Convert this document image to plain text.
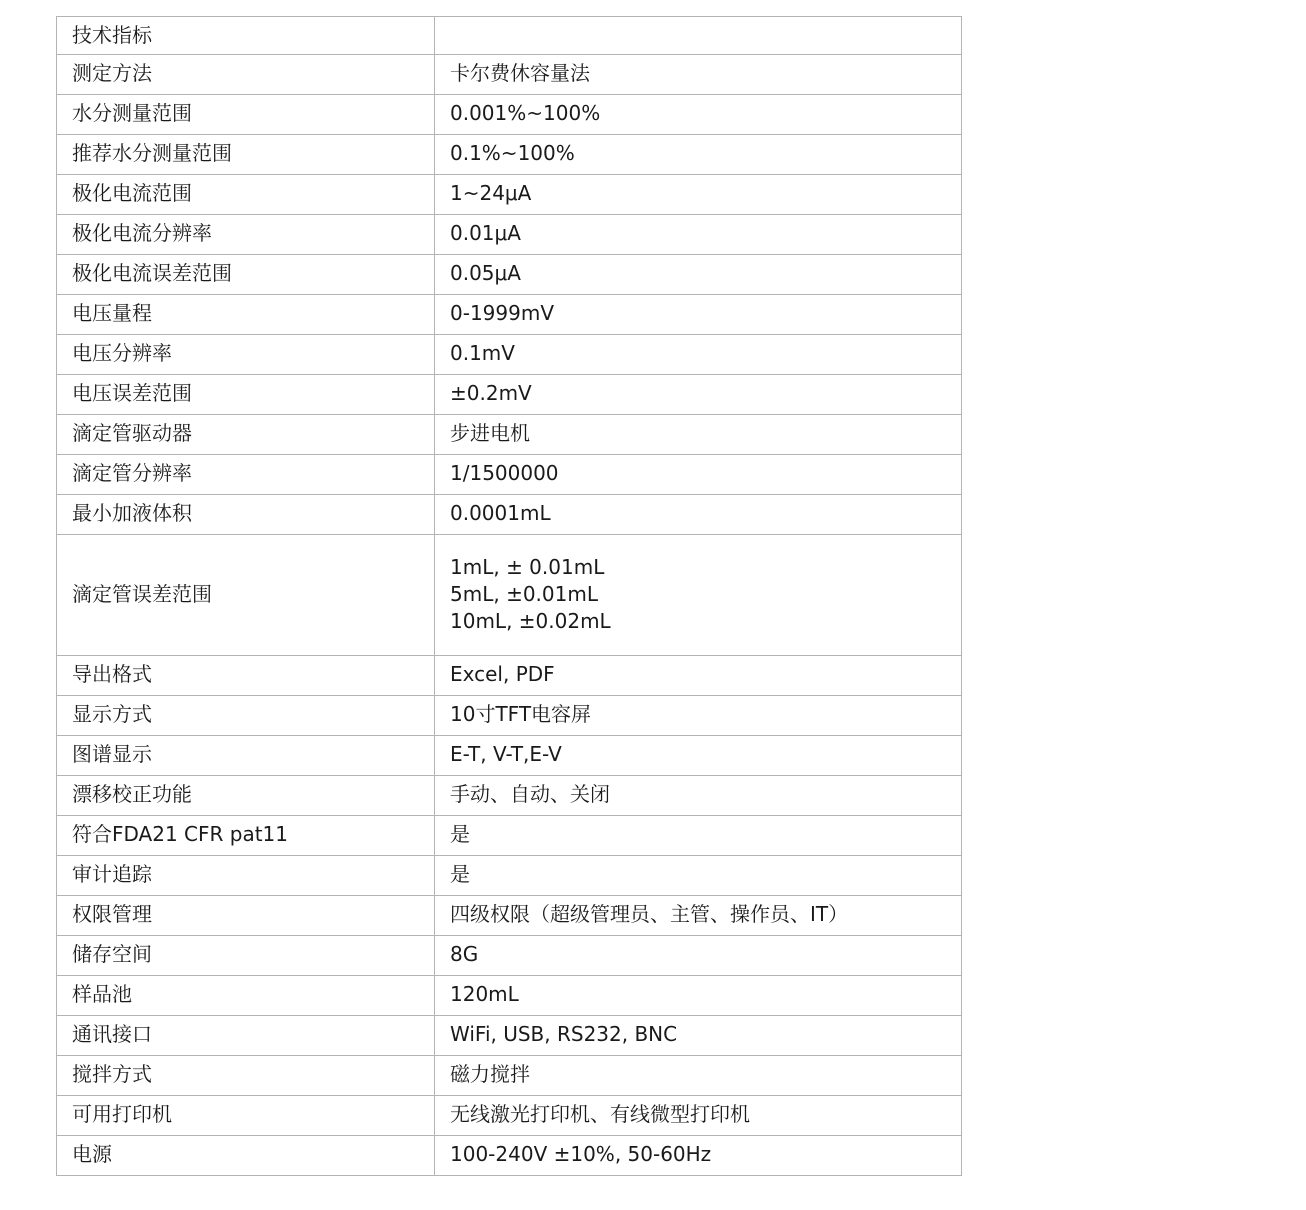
技术指标	
测定方法	卡尔费休容量法
水分测量范围	0.001%~100%
推荐水分测量范围	0.1%~100%
极化电流范围	1~24μA
极化电流分辨率	0.01μA
极化电流误差范围	0.05μA
电压量程	0-1999mV
电压分辨率	0.1mV
电压误差范围	±0.2mV
滴定管驱动器	步进电机
滴定管分辨率	1/1500000
最小加液体积	0.0001mL
滴定管误差范围	1mL, ± 0.01mL
5mL, ±0.01mL
10mL, ±0.02mL

导出格式	Excel, PDF
显示方式	10寸TFT电容屏
图谱显示	E-T, V-T,E-V
漂移校正功能	手动、自动、关闭
符合FDA21 CFR pat11	是
审计追踪	是
权限管理	四级权限（超级管理员、主管、操作员、IT）
储存空间	8G
样品池	120mL
通讯接口	WiFi, USB, RS232, BNC
搅拌方式	磁力搅拌
可用打印机	无线激光打印机、有线微型打印机
电源	100-240V ±10%, 50-60Hz
